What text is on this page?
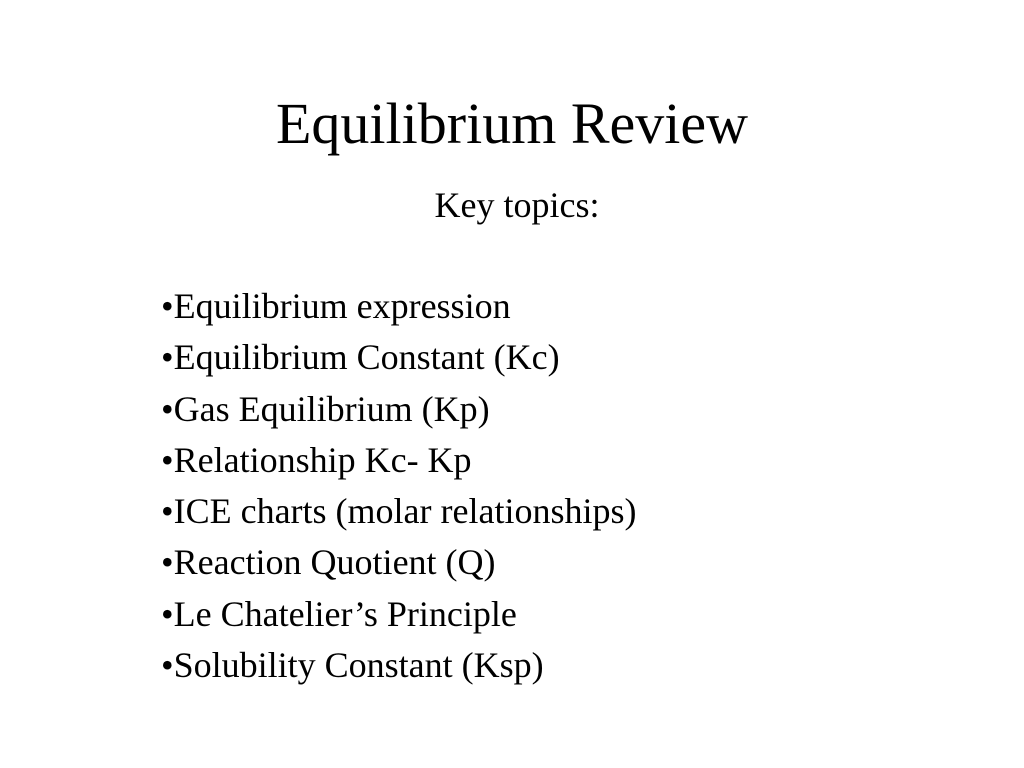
Equilibrium Review
Key topics:
•Equilibrium expression
•Equilibrium Constant (Kc)
•Gas Equilibrium (Kp)
•Relationship Kc- Kp
•ICE charts (molar relationships)
•Reaction Quotient (Q)
•Le Chatelier’s Principle
•Solubility Constant (Ksp)
